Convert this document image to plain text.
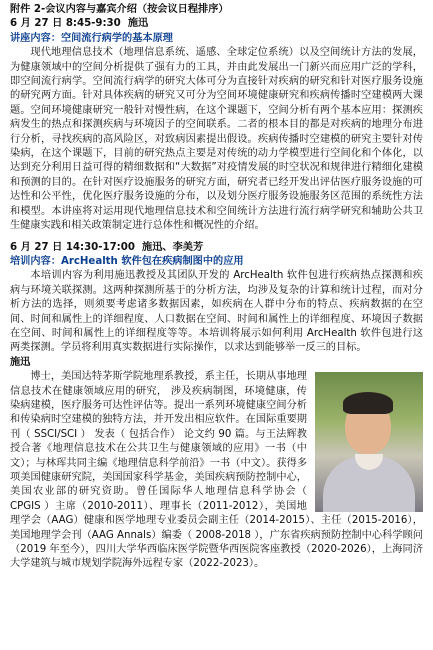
附件 2-会议内容与嘉宾介绍（按会议日程排序）

6 月 27 日 8:45-9:30 施迅

讲座内容：空间流行病学的基本原理

现代地理信息技术（地理信息系统、遥感、全球定位系统）以及空间统计方法的发展，为健康领域中的空间分析提供了强有力的工具，并由此发展出一门新兴而应用广泛的学科，即空间流行病学。空间流行病学的研究大体可分为直接针对疾病的研究和针对医疗服务设施的研究两方面。针对具体疾病的研究又可分为空间环境健康研究和疾病传播时空建模两大课题。空间环境健康研究一般针对慢性病，在这个课题下，空间分析有两个基本应用：探测疾病发生的热点和探测疾病与环境因子的空间联系。二者的根本目的都是对疾病的地理分布进行分析，寻找疾病的高风险区，对致病因素提出假设。疾病传播时空建模的研究主要针对传染病，在这个课题下，目前的研究热点主要是对传统的动力学模型进行空间化和个体化，以达到充分利用日益可得的精细数据和“大数据”对疫情发展的时空状况和规律进行精细化建模和预测的目的。在针对医疗设施服务的研究方面，研究者已经开发出评估医疗服务设施的可达性和公平性，优化医疗服务设施的分布，以及划分医疗服务设施服务区范围的系统性方法和模型。本讲座将对运用现代地理信息技术和空间统计方法进行流行病学研究和辅助公共卫生健康实践和相关政策制定进行总体性和概况性的介绍。

6 月 27 日 14:30-17:00 施迅、李美芳

培训内容：ArcHealth 软件包在疾病制图中的应用

本培训内容为利用施迅教授及其团队开发的 ArcHealth 软件包进行疾病热点探测和疾病与环境关联探测。这两种探测所基于的分析方法，均涉及复杂的计算和统计过程，而对分析方法的选择，则须要考虑诸多数据因素，如疾病在人群中分布的特点、疾病数据的在空间、时间和属性上的详细程度、人口数据在空间、时间和属性上的详细程度、环境因子数据在空间、时间和属性上的详细程度等等。本培训将展示如何利用 ArcHealth 软件包进行这两类探测。学员将利用真实数据进行实际操作，以求达到能够举一反三的目标。

施迅

博士，美国达特茅斯学院地理系教授，系主任，长期从事地理信息技术在健康领域应用的研究， 涉及疾病制图，环境健康，传染病建模，医疗服务可达性评估等。提出一系列环境健康空间分析和传染病时空建模的独特方法，并开发出相应软件。在国际重要期刊（ SSCI/SCI ） 发表（ 包括合作） 论文约 90 篇。与王法辉教授合著《地理信息技术在公共卫生与健康领域的应用》一书（中文）；与林珲共同主编《地理信息科学前沿》一书（中文）。获得多项美国健康研究院，美国国家科学基金，美国疾病预防控制中心，美国农业部的研究资助。曾任国际华人地理信息科学协会（ CPGIS ）主席（2010-2011）、理事长（2011-2012），美国地理学会（AAG）健康和医学地理专业委员会副主任（2014-2015）、主任（2015-2016），美国地理学会刊（AAG Annals）编委（ 2008-2018 ），广东省疾病预防控制中心科学顾问（2019 年至今），四川大学华西临床医学院暨华西医院客座教授（2020-2026），上海同济大学建筑与城市规划学院海外远程专家（2022-2023）。
